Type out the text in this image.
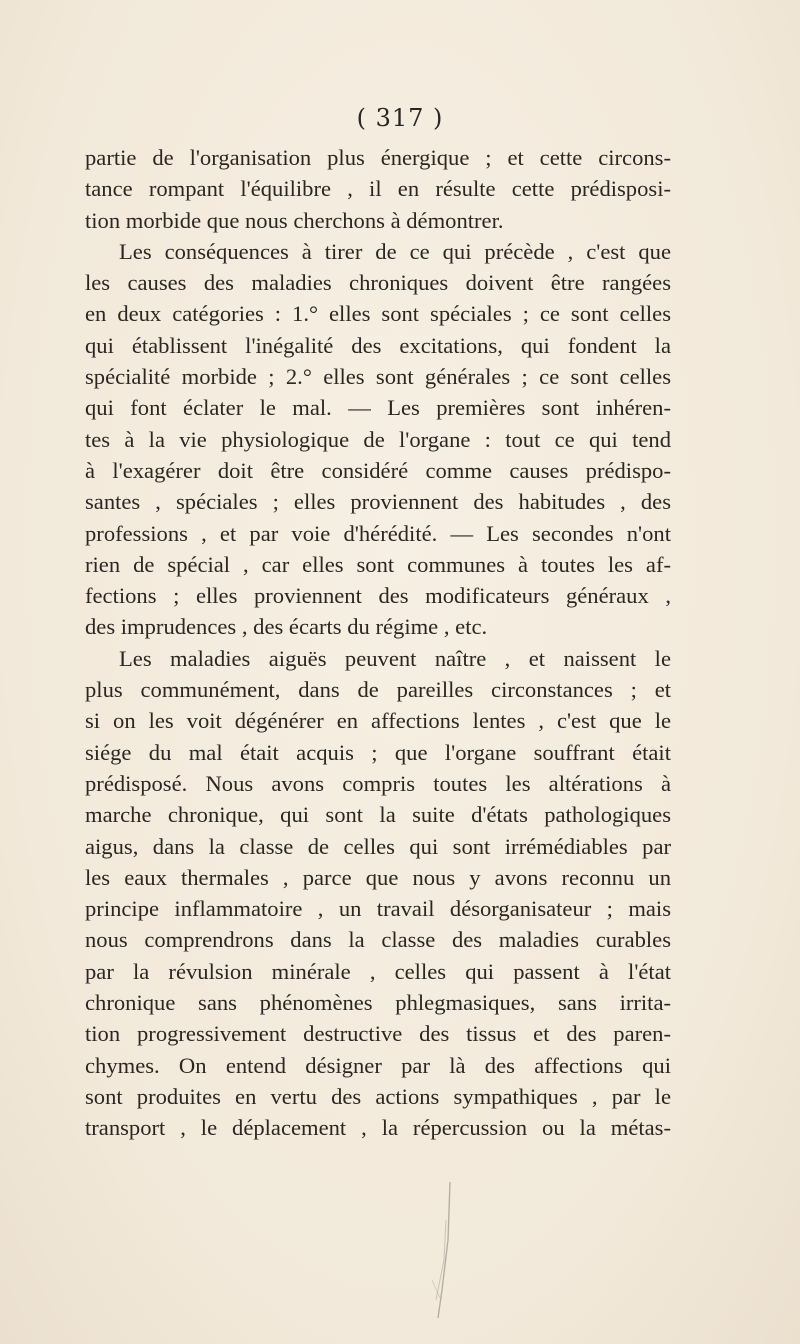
( 317 )
partie de l'organisation plus énergique ; et cette circons-
tance rompant l'équilibre , il en résulte cette prédisposi-
tion morbide que nous cherchons à démontrer.
Les conséquences à tirer de ce qui précède , c'est que
les causes des maladies chroniques doivent être rangées
en deux catégories : 1.° elles sont spéciales ; ce sont celles
qui établissent l'inégalité des excitations, qui fondent la
spécialité morbide ; 2.° elles sont générales ; ce sont celles
qui font éclater le mal. — Les premières sont inhéren-
tes à la vie physiologique de l'organe : tout ce qui tend
à l'exagérer doit être considéré comme causes prédispo-
santes , spéciales ; elles proviennent des habitudes , des
professions , et par voie d'hérédité. — Les secondes n'ont
rien de spécial , car elles sont communes à toutes les af-
fections ; elles proviennent des modificateurs généraux ,
des imprudences , des écarts du régime , etc.
Les maladies aiguës peuvent naître , et naissent le
plus communément, dans de pareilles circonstances ; et
si on les voit dégénérer en affections lentes , c'est que le
siége du mal était acquis ; que l'organe souffrant était
prédisposé. Nous avons compris toutes les altérations à
marche chronique, qui sont la suite d'états pathologiques
aigus, dans la classe de celles qui sont irrémédiables par
les eaux thermales , parce que nous y avons reconnu un
principe inflammatoire , un travail désorganisateur ; mais
nous comprendrons dans la classe des maladies curables
par la révulsion minérale , celles qui passent à l'état
chronique sans phénomènes phlegmasiques, sans irrita-
tion progressivement destructive des tissus et des paren-
chymes. On entend désigner par là des affections qui
sont produites en vertu des actions sympathiques , par le
transport , le déplacement , la répercussion ou la métas-
